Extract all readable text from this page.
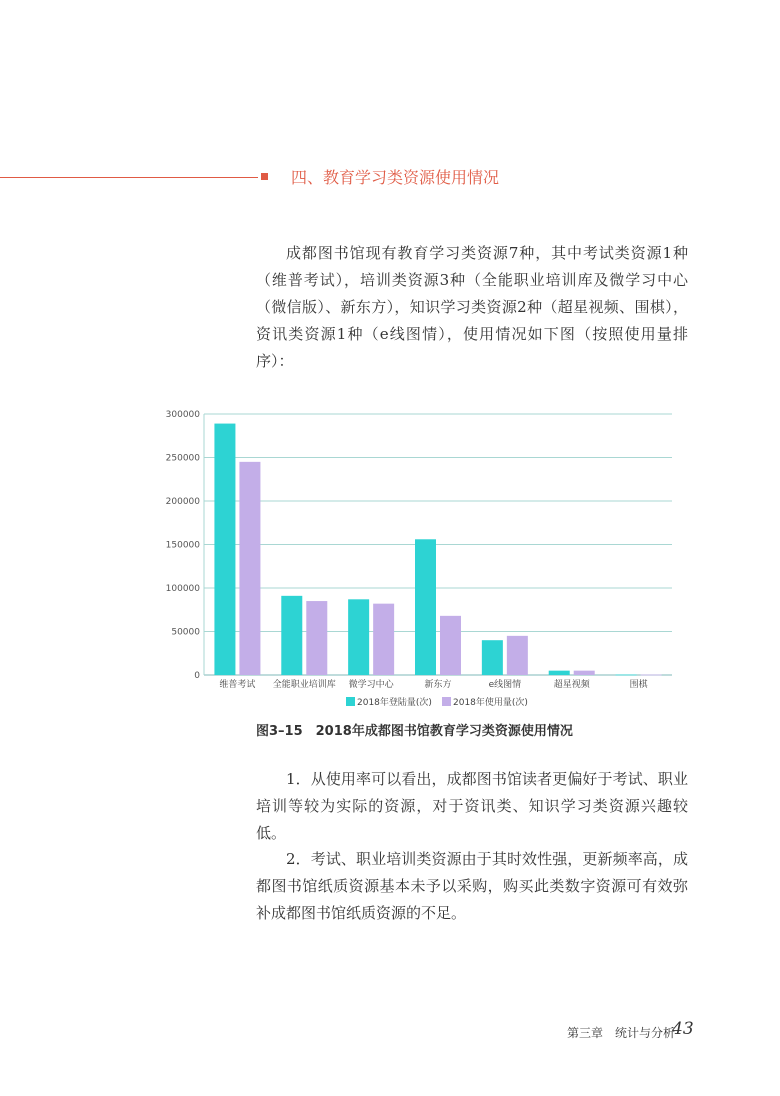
四、教育学习类资源使用情况

成都图书馆现有教育学习类资源7种，其中考试类资源1种（维普考试），培训类资源3种（全能职业培训库及微学习中心（微信版）、新东方），知识学习类资源2种（超星视频、围棋），资讯类资源1种（e线图情），使用情况如下图（按照使用量排序）：

300000
250000
200000
150000
100000
50000
0
维普考试 全能职业培训库 微学习中心	新东方	e线图情	超星视频	围棋
2018年登陆量(次) 2018年使用量(次)
图3–15　2018年成都图书馆教育学习类资源使用情况

1．从使用率可以看出，成都图书馆读者更偏好于考试、职业培训等较为实际的资源，对于资讯类、知识学习类资源兴趣较低。

2．考试、职业培训类资源由于其时效性强，更新频率高，成都图书馆纸质资源基本未予以采购，购买此类数字资源可有效弥补成都图书馆纸质资源的不足。

第三章　统计与分析
43
